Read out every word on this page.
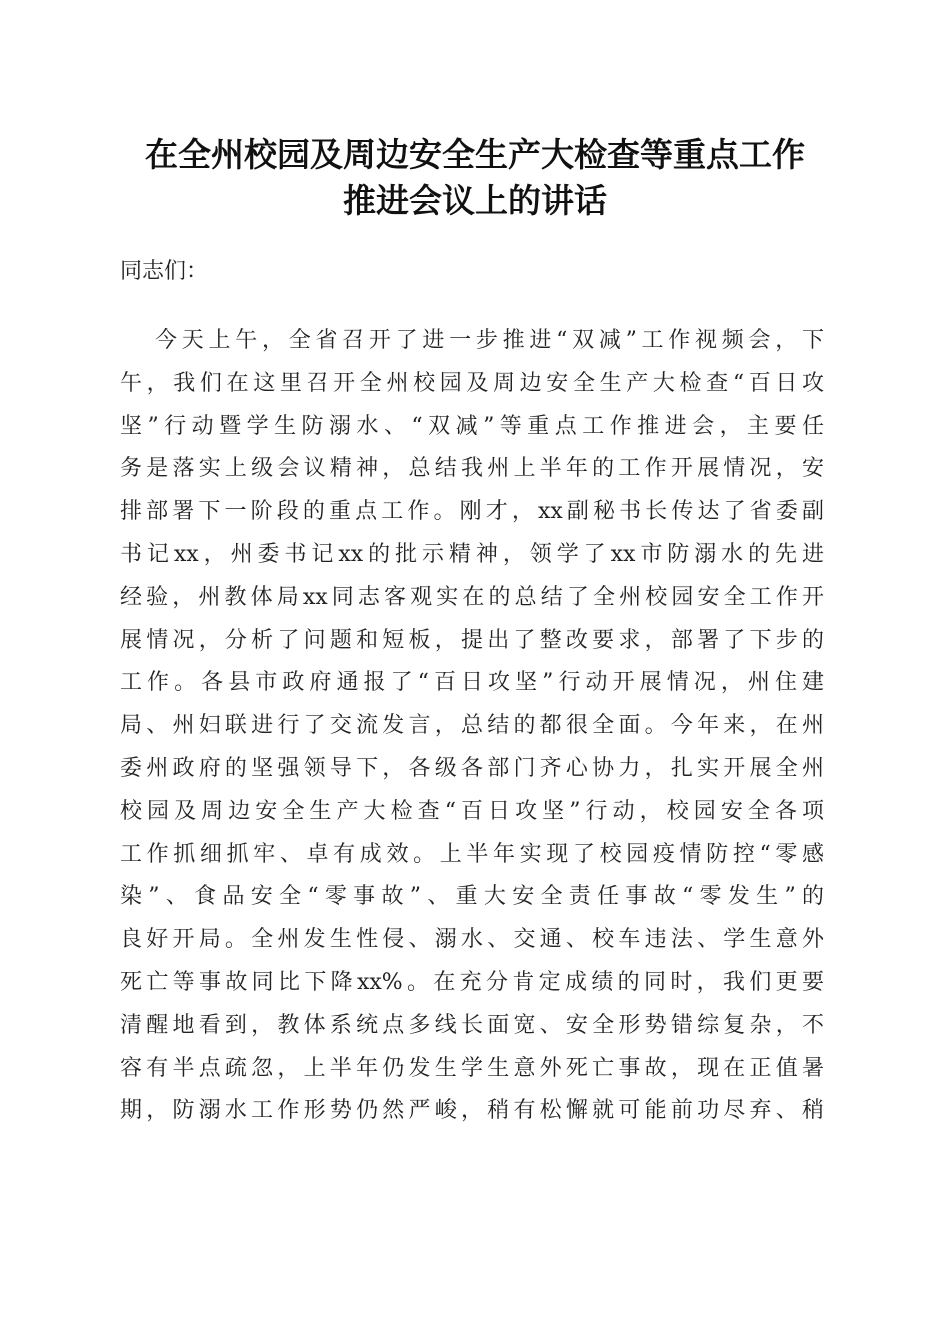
在全州校园及周边安全生产大检查等重点工作
推进会议上的讲话

同志们：

今天上午，全省召开了进一步推进“双减”工作视频会，下
午，我们在这里召开全州校园及周边安全生产大检查“百日攻
坚”行动暨学生防溺水、“双减”等重点工作推进会，主要任
务是落实上级会议精神，总结我州上半年的工作开展情况，安
排部署下一阶段的重点工作。刚才，xx副秘书长传达了省委副
书记xx，州委书记xx的批示精神，领学了xx市防溺水的先进
经验，州教体局xx同志客观实在的总结了全州校园安全工作开
展情况，分析了问题和短板，提出了整改要求，部署了下步的
工作。各县市政府通报了“百日攻坚”行动开展情况，州住建
局、州妇联进行了交流发言，总结的都很全面。今年来，在州
委州政府的坚强领导下，各级各部门齐心协力，扎实开展全州
校园及周边安全生产大检查“百日攻坚”行动，校园安全各项
工作抓细抓牢、卓有成效。上半年实现了校园疫情防控“零感
染”、食品安全“零事故”、重大安全责任事故“零发生”的
良好开局。全州发生性侵、溺水、交通、校车违法、学生意外
死亡等事故同比下降xx%。在充分肯定成绩的同时，我们更要
清醒地看到，教体系统点多线长面宽、安全形势错综复杂，不
容有半点疏忽，上半年仍发生学生意外死亡事故，现在正值暑
期，防溺水工作形势仍然严峻，稍有松懈就可能前功尽弃、稍
